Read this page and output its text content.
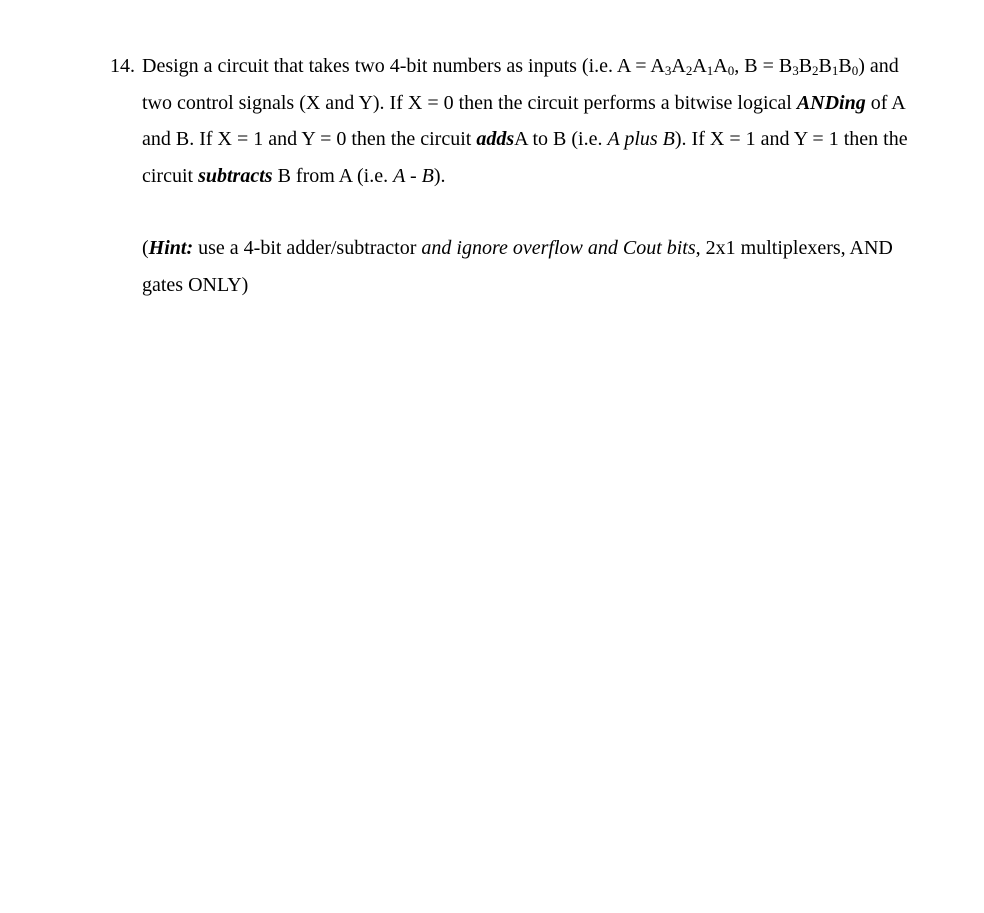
14. Design a circuit that takes two 4-bit numbers as inputs (i.e. $A = A_3A_2A_1A_0$, $B = B_3B_2B_1B_0$) and two control signals (X and Y). If X = 0 then the circuit performs a bitwise logical ANDing of A and B. If X = 1 and Y = 0 then the circuit addsA to B (i.e. A plus B). If X = 1 and Y = 1 then the circuit subtracts B from A (i.e. A - B).

(Hint: use a 4-bit adder/subtractor and ignore overflow and Cout bits, 2x1 multiplexers, AND gates ONLY)
